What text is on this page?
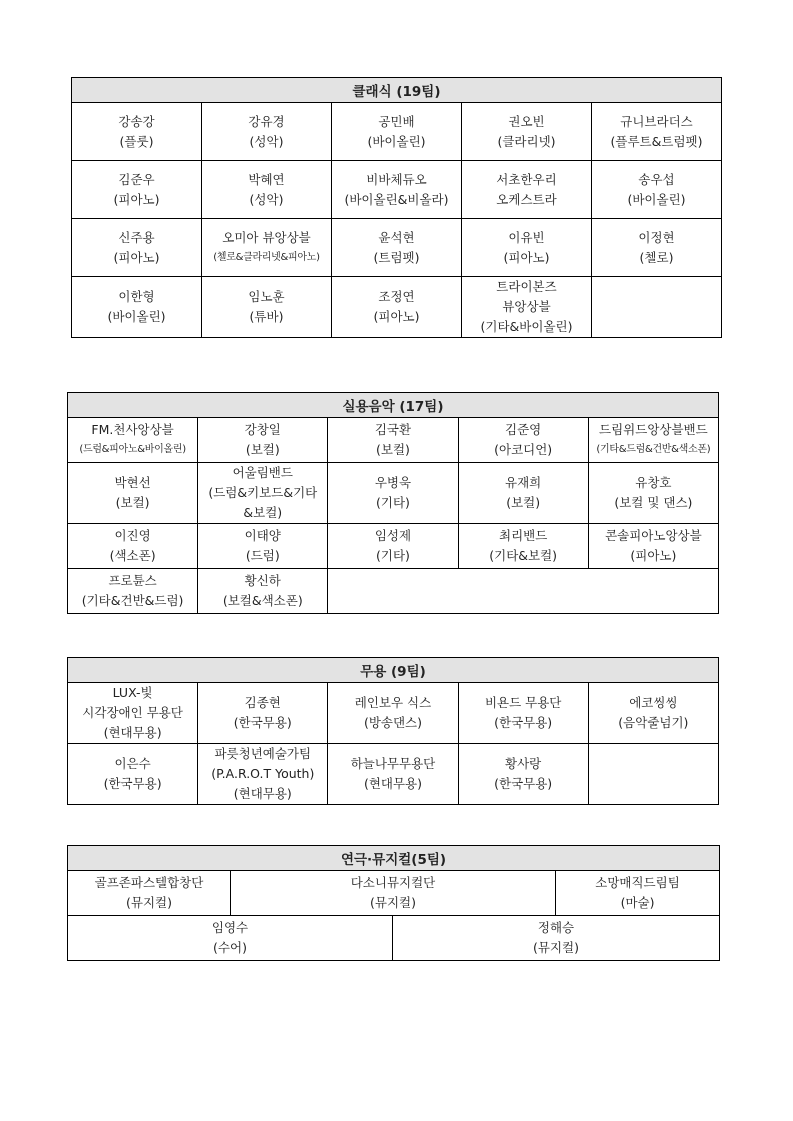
클래식 (19팀)				

강송강
(플룻)	강유경
(성악)	공민배
(바이올린)	권오빈
(클라리넷)	규니브라더스
(플루트&트럼펫)

김준우
(피아노)	박혜연
(성악)	비바체듀오
(바이올린&비올라)	서초한우리
오케스트라	송우섭
(바이올린)

신주용
(피아노)	오미아 뷰앙상블
(첼로&클라리넷&피아노)	윤석현
(트럼펫)	이유빈
(피아노)	이정현
(첼로)

이한형
(바이올린)	임노훈
(튜바)	조정연
(피아노)	트라이본즈
뷰앙상블
(기타&바이올린)	

실용음악 (17팀)				

FM.천사앙상블
(드럼&피아노&바이올린)	강창일
(보컬)	김국환
(보컬)	김준영
(아코디언)	드림위드앙상블밴드
(기타&드럼&건반&색소폰)

박현선
(보컬)	어울림밴드
(드럼&키보드&기타
&보컬)	우병욱
(기타)	유재희
(보컬)	유창호
(보컬 및 댄스)

이진영
(색소폰)	이태양
(드럼)	임성제
(기타)	최리밴드
(기타&보컬)	콘솔피아노앙상블
(피아노)

프로튠스
(기타&건반&드럼)	황신하
(보컬&색소폰)			

무용 (9팀)				

LUX-빛
시각장애인 무용단
(현대무용)	김종현
(한국무용)	레인보우 식스
(방송댄스)	비욘드 무용단
(한국무용)	에코씽씽
(음악줄넘기)

이은수
(한국무용)	파릇청년예술가팀
(P.A.R.O.T Youth)
(현대무용)	하늘나무무용단
(현대무용)	황사랑
(한국무용)	

연극·뮤지컬(5팀)			

골프존파스텔합창단
(뮤지컬)	다소니뮤지컬단
(뮤지컬)		소망매직드림팀
(마술)

임영수
(수어)		정해승
(뮤지컬)	
